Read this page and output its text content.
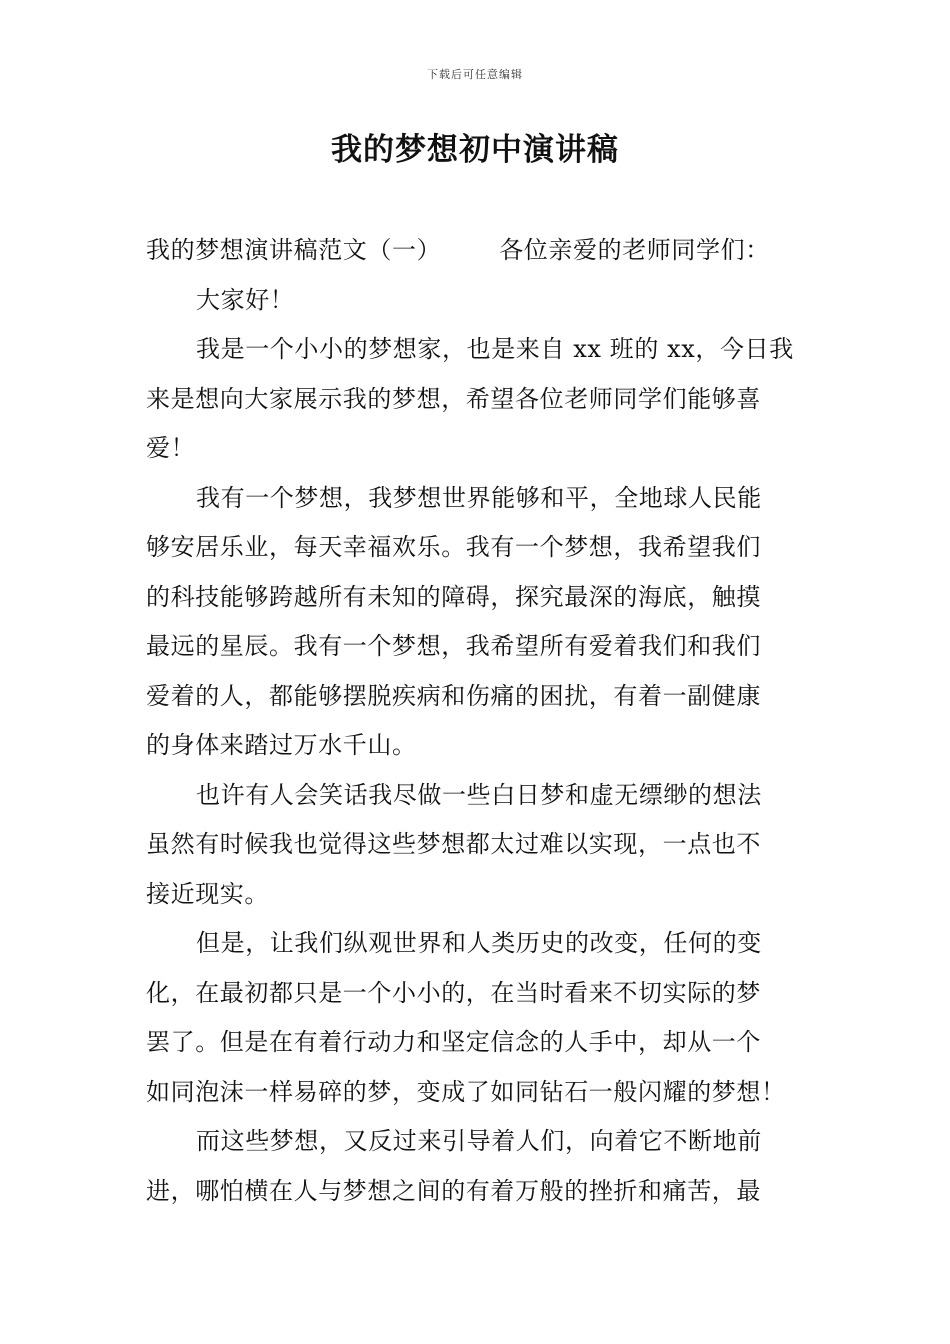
下载后可任意编辑
我的梦想初中演讲稿
我的梦想演讲稿范文（一） 各位亲爱的老师同学们：
大家好！
我是一个小小的梦想家，也是来自 xx 班的 xx，今日我
来是想向大家展示我的梦想，希望各位老师同学们能够喜
爱！
我有一个梦想，我梦想世界能够和平，全地球人民能
够安居乐业，每天幸福欢乐。我有一个梦想，我希望我们
的科技能够跨越所有未知的障碍，探究最深的海底，触摸
最远的星辰。我有一个梦想，我希望所有爱着我们和我们
爱着的人，都能够摆脱疾病和伤痛的困扰，有着一副健康
的身体来踏过万水千山。
也许有人会笑话我尽做一些白日梦和虚无缥缈的想法
虽然有时候我也觉得这些梦想都太过难以实现，一点也不
接近现实。
但是，让我们纵观世界和人类历史的改变，任何的变
化，在最初都只是一个小小的，在当时看来不切实际的梦
罢了。但是在有着行动力和坚定信念的人手中，却从一个
如同泡沫一样易碎的梦，变成了如同钻石一般闪耀的梦想！
而这些梦想，又反过来引导着人们，向着它不断地前
进，哪怕横在人与梦想之间的有着万般的挫折和痛苦，最
